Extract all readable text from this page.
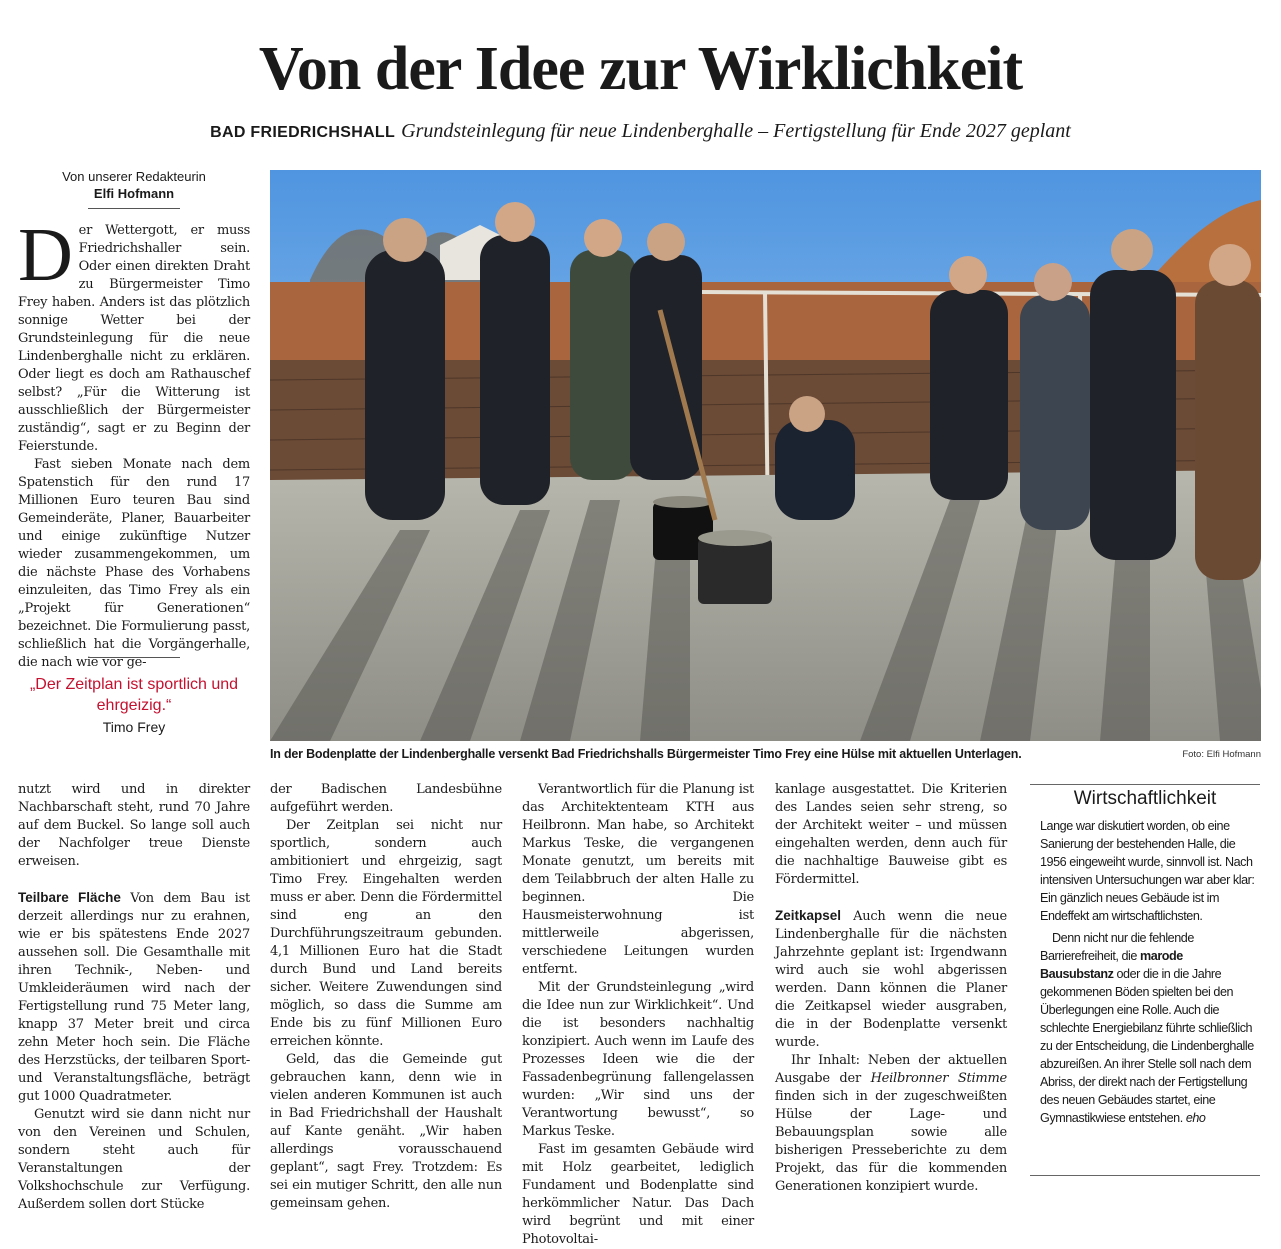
Von der Idee zur Wirklichkeit
BAD FRIEDRICHSHALL Grundsteinlegung für neue Lindenberghalle – Fertigstellung für Ende 2027 geplant
Von unserer Redakteurin
Elfi Hofmann
D er Wettergott, er muss Friedrichshaller sein. Oder einen direkten Draht zu Bürgermeister Timo Frey haben. Anders ist das plötzlich sonnige Wetter bei der Grundsteinlegung für die neue Lindenberghalle nicht zu erklären. Oder liegt es doch am Rathauschef selbst? „Für die Witterung ist ausschließlich der Bürgermeister zuständig“, sagt er zu Beginn der Feierstunde.

Fast sieben Monate nach dem Spatenstich für den rund 17 Millionen Euro teuren Bau sind Gemeinderäte, Planer, Bauarbeiter und einige zukünftige Nutzer wieder zusammengekommen, um die nächste Phase des Vorhabens einzuleiten, das Timo Frey als ein „Projekt für Generationen“ bezeichnet. Die Formulierung passt, schließlich hat die Vorgängerhalle, die nach wie vor ge-

„Der Zeitplan ist sportlich und ehrgeizig.“
Timo Frey
In der Bodenplatte der Lindenberghalle versenkt Bad Friedrichshalls Bürgermeister Timo Frey eine Hülse mit aktuellen Unterlagen.	Foto: Elfi Hofmann

nutzt wird und in direkter Nachbarschaft steht, rund 70 Jahre auf dem Buckel. So lange soll auch der Nachfolger treue Dienste erweisen.

Teilbare Fläche Von dem Bau ist derzeit allerdings nur zu erahnen, wie er bis spätestens Ende 2027 aussehen soll. Die Gesamthalle mit ihren Technik-, Neben- und Umkleideräumen wird nach der Fertigstellung rund 75 Meter lang, knapp 37 Meter breit und circa zehn Meter hoch sein. Die Fläche des Herzstücks, der teilbaren Sport- und Veranstaltungsfläche, beträgt gut 1000 Quadratmeter.

Genutzt wird sie dann nicht nur von den Vereinen und Schulen, sondern steht auch für Veranstaltungen der Volkshochschule zur Verfügung. Außerdem sollen dort Stücke

der Badischen Landesbühne aufgeführt werden.

Der Zeitplan sei nicht nur sportlich, sondern auch ambitioniert und ehrgeizig, sagt Timo Frey. Eingehalten werden muss er aber. Denn die Fördermittel sind eng an den Durchführungszeitraum gebunden. 4,1 Millionen Euro hat die Stadt durch Bund und Land bereits sicher. Weitere Zuwendungen sind möglich, so dass die Summe am Ende bis zu fünf Millionen Euro erreichen könnte.

Geld, das die Gemeinde gut gebrauchen kann, denn wie in vielen anderen Kommunen ist auch in Bad Friedrichshall der Haushalt auf Kante genäht. „Wir haben allerdings vorausschauend geplant“, sagt Frey. Trotzdem: Es sei ein mutiger Schritt, den alle nun gemeinsam gehen.

Verantwortlich für die Planung ist das Architektenteam KTH aus Heilbronn. Man habe, so Architekt Markus Teske, die vergangenen Monate genutzt, um bereits mit dem Teilabbruch der alten Halle zu beginnen. Die Hausmeisterwohnung ist mittlerweile abgerissen, verschiedene Leitungen wurden entfernt.

Mit der Grundsteinlegung „wird die Idee nun zur Wirklichkeit“. Und die ist besonders nachhaltig konzipiert. Auch wenn im Laufe des Prozesses Ideen wie die der Fassadenbegrünung fallengelassen wurden: „Wir sind uns der Verantwortung bewusst“, so Markus Teske.

Fast im gesamten Gebäude wird mit Holz gearbeitet, lediglich Fundament und Bodenplatte sind herkömmlicher Natur. Das Dach wird begrünt und mit einer Photovoltai-

kanlage ausgestattet. Die Kriterien des Landes seien sehr streng, so der Architekt weiter – und müssen eingehalten werden, denn auch für die nachhaltige Bauweise gibt es Fördermittel.

Zeitkapsel Auch wenn die neue Lindenberghalle für die nächsten Jahrzehnte geplant ist: Irgendwann wird auch sie wohl abgerissen werden. Dann können die Planer die Zeitkapsel wieder ausgraben, die in der Bodenplatte versenkt wurde.

Ihr Inhalt: Neben der aktuellen Ausgabe der Heilbronner Stimme finden sich in der zugeschweißten Hülse der Lage- und Bebauungsplan sowie alle bisherigen Presseberichte zu dem Projekt, das für die kommenden Generationen konzipiert wurde.

Wirtschaftlichkeit

Lange war diskutiert worden, ob eine Sanierung der bestehenden Halle, die 1956 eingeweiht wurde, sinnvoll ist. Nach intensiven Untersuchungen war aber klar: Ein gänzlich neues Gebäude ist im Endeffekt am wirtschaftlichsten.

Denn nicht nur die fehlende Barrierefreiheit, die marode Bausubstanz oder die in die Jahre gekommenen Böden spielten bei den Überlegungen eine Rolle. Auch die schlechte Energiebilanz führte schließlich zu der Entscheidung, die Lindenberghalle abzureißen. An ihrer Stelle soll nach dem Abriss, der direkt nach der Fertigstellung des neuen Gebäudes startet, eine Gymnastikwiese entstehen. eho
